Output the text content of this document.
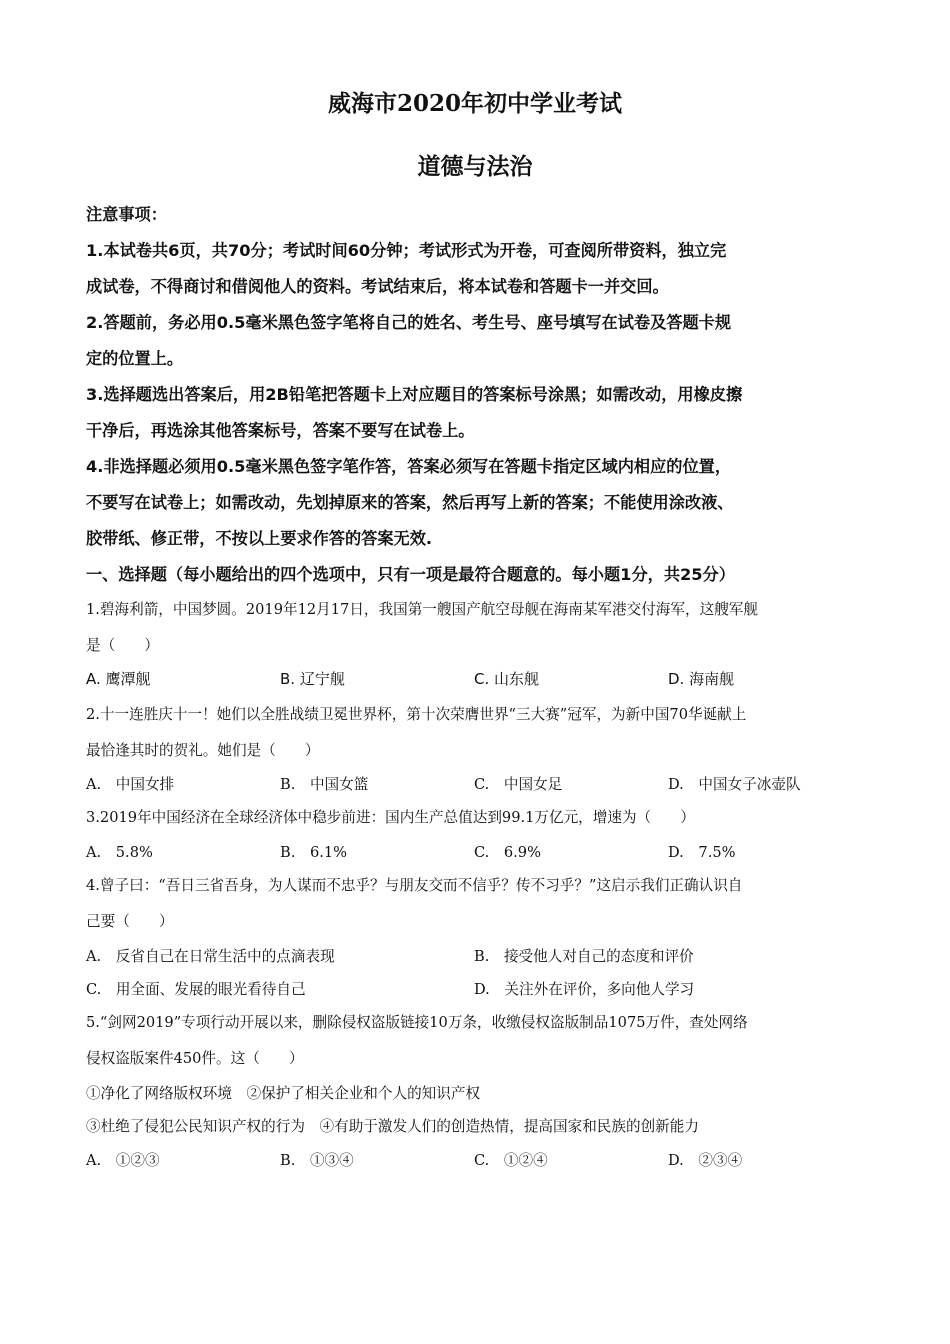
威海市2020年初中学业考试
道德与法治
注意事项：
1.本试卷共6页，共70分；考试时间60分钟；考试形式为开卷，可查阅所带资料，独立完
成试卷，不得商讨和借阅他人的资料。考试结束后，将本试卷和答题卡一并交回。
2.答题前，务必用0.5毫米黑色签字笔将自己的姓名、考生号、座号填写在试卷及答题卡规
定的位置上。
3.选择题选出答案后，用2B铅笔把答题卡上对应题目的答案标号涂黑；如需改动，用橡皮擦
干净后，再选涂其他答案标号，答案不要写在试卷上。
4.非选择题必须用0.5毫米黑色签字笔作答，答案必须写在答题卡指定区域内相应的位置，
不要写在试卷上；如需改动，先划掉原来的答案，然后再写上新的答案；不能使用涂改液、
胶带纸、修正带，不按以上要求作答的答案无效.
一、选择题（每小题给出的四个选项中，只有一项是最符合题意的。每小题1分，共25分）
1.碧海利箭，中国梦圆。2019年12月17日，我国第一艘国产航空母舰在海南某军港交付海军，这艘军舰
是（　　）
A. 鹰潭舰	B. 辽宁舰	C. 山东舰	D. 海南舰
2.十一连胜庆十一！她们以全胜战绩卫冕世界杯，第十次荣膺世界“三大赛”冠军，为新中国70华诞献上
最恰逢其时的贺礼。她们是（　　）
A.　中国女排	B.　中国女篮	C.　中国女足	D.　中国女子冰壶队
3.2019年中国经济在全球经济体中稳步前进：国内生产总值达到99.1万亿元，增速为（　　）
A.　5.8%	B.　6.1%	C.　6.9%	D.　7.5%
4.曾子曰：“吾日三省吾身，为人谋而不忠乎？与朋友交而不信乎？传不习乎？”这启示我们正确认识自
己要（　　）
A.　反省自己在日常生活中的点滴表现	B.　接受他人对自己的态度和评价
C.　用全面、发展的眼光看待自己	D.　关注外在评价，多向他人学习
5.“剑网2019”专项行动开展以来，删除侵权盗版链接10万条，收缴侵权盗版制品1075万件，查处网络
侵权盗版案件450件。这（　　）
①净化了网络版权环境　②保护了相关企业和个人的知识产权
③杜绝了侵犯公民知识产权的行为　④有助于激发人们的创造热情，提高国家和民族的创新能力
A.　①②③	B.　①③④	C.　①②④	D.　②③④
